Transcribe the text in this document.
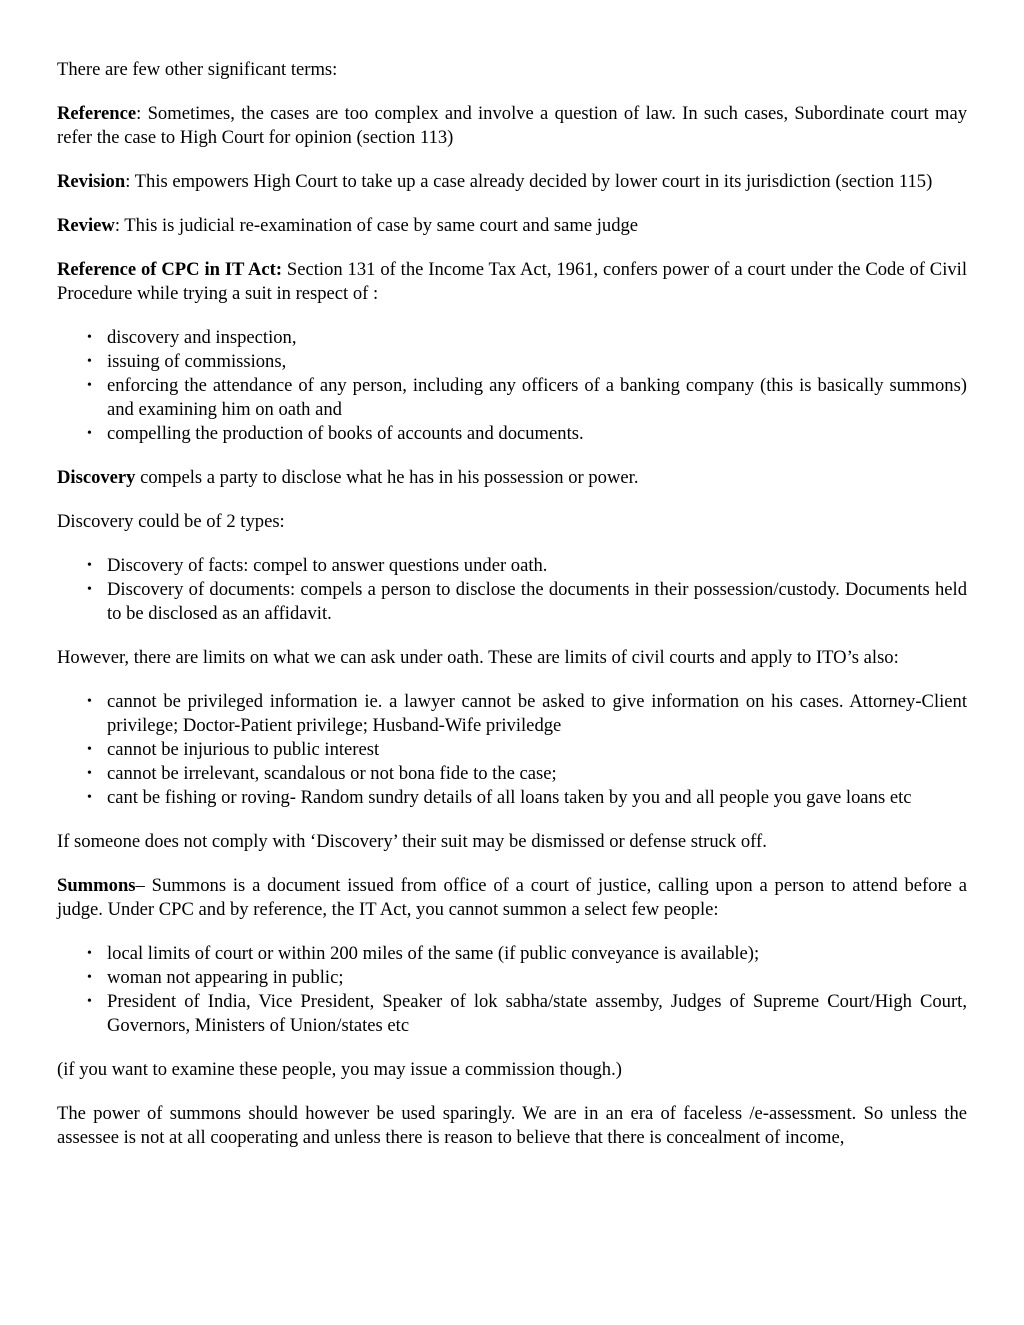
There are few other significant terms:

Reference: Sometimes, the cases are too complex and involve a question of law. In such cases, Subordinate court may refer the case to High Court for opinion (section 113)

Revision: This empowers High Court to take up a case already decided by lower court in its jurisdiction (section 115)

Review: This is judicial re-examination of case by same court and same judge

Reference of CPC in IT Act: Section 131 of the Income Tax Act, 1961, confers power of a court under the Code of Civil Procedure while trying a suit in respect of :

• discovery and inspection,
• issuing of commissions,
• enforcing the attendance of any person, including any officers of a banking company (this is basically summons) and examining him on oath and
• compelling the production of books of accounts and documents.

Discovery compels a party to disclose what he has in his possession or power.

Discovery could be of 2 types:

• Discovery of facts: compel to answer questions under oath.
• Discovery of documents: compels a person to disclose the documents in their possession/custody. Documents held to be disclosed as an affidavit.

However, there are limits on what we can ask under oath. These are limits of civil courts and apply to ITO’s also:

• cannot be privileged information ie. a lawyer cannot be asked to give information on his cases. Attorney-Client privilege; Doctor-Patient privilege; Husband-Wife priviledge
• cannot be injurious to public interest
• cannot be irrelevant, scandalous or not bona fide to the case;
• cant be fishing or roving- Random sundry details of all loans taken by you and all people you gave loans etc

If someone does not comply with ‘Discovery’ their suit may be dismissed or defense struck off.

Summons– Summons is a document issued from office of a court of justice, calling upon a person to attend before a judge. Under CPC and by reference, the IT Act, you cannot summon a select few people:

• local limits of court or within 200 miles of the same (if public conveyance is available);
• woman not appearing in public;
• President of India, Vice President, Speaker of lok sabha/state assemby, Judges of Supreme Court/High Court, Governors, Ministers of Union/states etc

(if you want to examine these people, you may issue a commission though.)

The power of summons should however be used sparingly. We are in an era of faceless /e-assessment. So unless the assessee is not at all cooperating and unless there is reason to believe that there is concealment of income,
